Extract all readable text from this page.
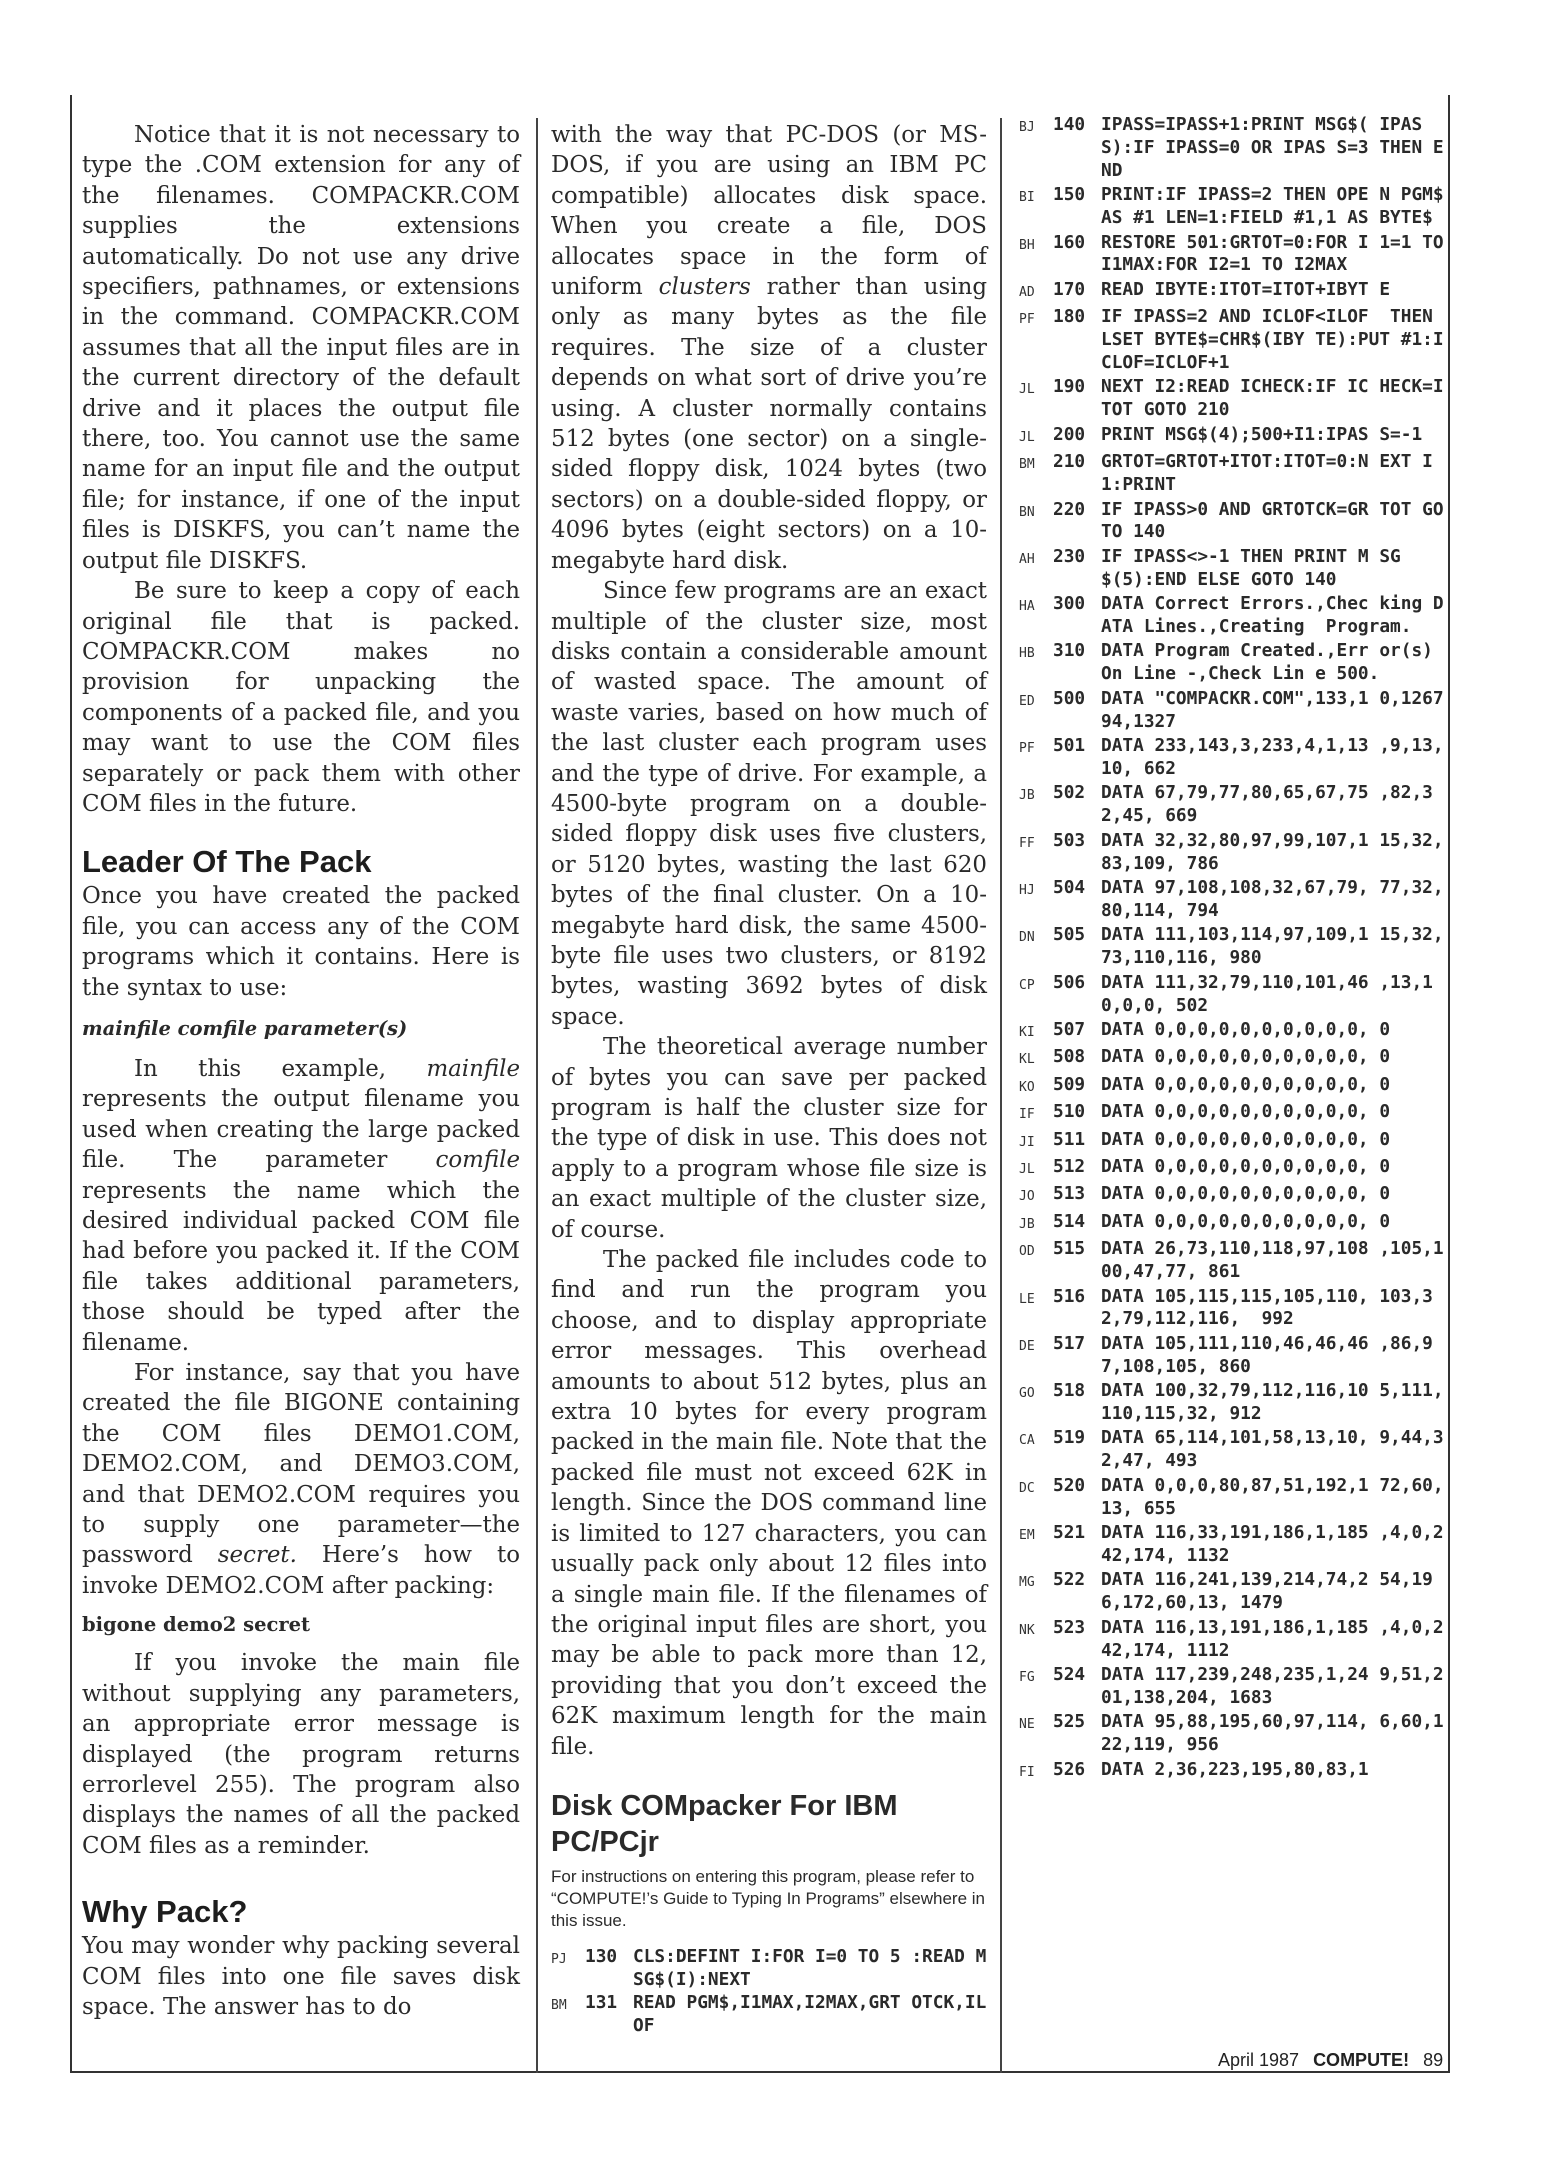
Notice that it is not necessary to type the .COM extension for any of the filenames. COMPACKR.COM supplies the extensions automatically. Do not use any drive specifiers, pathnames, or extensions in the command. COMPACKR.COM assumes that all the input files are in the current directory of the default drive and it places the output file there, too. You cannot use the same name for an input file and the output file; for instance, if one of the input files is DISKFS, you can’t name the output file DISKFS.

Be sure to keep a copy of each original file that is packed. COMPACKR.COM makes no provision for unpacking the components of a packed file, and you may want to use the COM files separately or pack them with other COM files in the future.

Leader Of The Pack

Once you have created the packed file, you can access any of the COM programs which it contains. Here is the syntax to use:

mainfile comfile parameter(s)

In this example, mainfile represents the output filename you used when creating the large packed file. The parameter comfile represents the name which the desired individual packed COM file had before you packed it. If the COM file takes additional parameters, those should be typed after the filename.

For instance, say that you have created the file BIGONE containing the COM files DEMO1.COM, DEMO2.COM, and DEMO3.COM, and that DEMO2.COM requires you to supply one parameter—the password secret. Here’s how to invoke DEMO2.COM after packing:

bigone demo2 secret

If you invoke the main file without supplying any parameters, an appropriate error message is displayed (the program returns errorlevel 255). The program also displays the names of all the packed COM files as a reminder.

Why Pack?

You may wonder why packing several COM files into one file saves disk space. The answer has to do

with the way that PC-DOS (or MS-DOS, if you are using an IBM PC compatible) allocates disk space. When you create a file, DOS allocates space in the form of uniform clusters rather than using only as many bytes as the file requires. The size of a cluster depends on what sort of drive you’re using. A cluster normally contains 512 bytes (one sector) on a single-sided floppy disk, 1024 bytes (two sectors) on a double-sided floppy, or 4096 bytes (eight sectors) on a 10-megabyte hard disk.

Since few programs are an exact multiple of the cluster size, most disks contain a considerable amount of wasted space. The amount of waste varies, based on how much of the last cluster each program uses and the type of drive. For example, a 4500-byte program on a double-sided floppy disk uses five clusters, or 5120 bytes, wasting the last 620 bytes of the final cluster. On a 10-megabyte hard disk, the same 4500-byte file uses two clusters, or 8192 bytes, wasting 3692 bytes of disk space.

The theoretical average number of bytes you can save per packed program is half the cluster size for the type of disk in use. This does not apply to a program whose file size is an exact multiple of the cluster size, of course.

The packed file includes code to find and run the program you choose, and to display appropriate error messages. This overhead amounts to about 512 bytes, plus an extra 10 bytes for every program packed in the main file. Note that the packed file must not exceed 62K in length. Since the DOS command line is limited to 127 characters, you can usually pack only about 12 files into a single main file. If the filenames of the original input files are short, you may be able to pack more than 12, providing that you don’t exceed the 62K maximum length for the main file.

Disk COMpacker For IBM PC/PCjr
For instructions on entering this program, please refer to “COMPUTE!’s Guide to Typing In Programs” elsewhere in this issue.
PJ	130 CLS:DEFINT I:FOR I=0 TO 5 :READ MSG$(I):NEXT
BM	131 READ PGM$,I1MAX,I2MAX,GRT OTCK,ILOF
BJ	140 IPASS=IPASS+1:PRINT MSG$( IPASS):IF IPASS=0 OR IPAS S=3 THEN END
BI	150 PRINT:IF IPASS=2 THEN OPE N PGM$ AS #1 LEN=1:FIELD #1,1 AS BYTE$
BH	160 RESTORE 501:GRTOT=0:FOR I 1=1 TO I1MAX:FOR I2=1 TO I2MAX
AD	170 READ IBYTE:ITOT=ITOT+IBYT E
PF	180 IF IPASS=2 AND ICLOF<ILOF  THEN LSET BYTE$=CHR$(IBY TE):PUT #1:ICLOF=ICLOF+1
JL	190 NEXT I2:READ ICHECK:IF IC HECK=ITOT GOTO 210
JL	200 PRINT MSG$(4);500+I1:IPAS S=-1
BM	210 GRTOT=GRTOT+ITOT:ITOT=0:N EXT I1:PRINT
BN	220 IF IPASS>0 AND GRTOTCK=GR TOT GOTO 140
AH	230 IF IPASS<>-1 THEN PRINT M SG$(5):END ELSE GOTO 140
HA	300 DATA Correct Errors.,Chec king DATA Lines.,Creating  Program.
HB	310 DATA Program Created.,Err or(s) On Line -,Check Lin e 500.
ED	500 DATA "COMPACKR.COM",133,1 0,126794,1327
PF	501 DATA 233,143,3,233,4,1,13 ,9,13,10, 662
JB	502 DATA 67,79,77,80,65,67,75 ,82,32,45, 669
FF	503 DATA 32,32,80,97,99,107,1 15,32,83,109, 786
HJ	504 DATA 97,108,108,32,67,79, 77,32,80,114, 794
DN	505 DATA 111,103,114,97,109,1 15,32,73,110,116, 980
CP	506 DATA 111,32,79,110,101,46 ,13,10,0,0, 502
KI	507 DATA 0,0,0,0,0,0,0,0,0,0, 0
KL	508 DATA 0,0,0,0,0,0,0,0,0,0, 0
KO	509 DATA 0,0,0,0,0,0,0,0,0,0, 0
IF	510 DATA 0,0,0,0,0,0,0,0,0,0, 0
JI	511 DATA 0,0,0,0,0,0,0,0,0,0, 0
JL	512 DATA 0,0,0,0,0,0,0,0,0,0, 0
JO	513 DATA 0,0,0,0,0,0,0,0,0,0, 0
JB	514 DATA 0,0,0,0,0,0,0,0,0,0, 0
OD	515 DATA 26,73,110,118,97,108 ,105,100,47,77, 861
LE	516 DATA 105,115,115,105,110, 103,32,79,112,116,  992
DE	517 DATA 105,111,110,46,46,46 ,86,97,108,105, 860
GO	518 DATA 100,32,79,112,116,10 5,111,110,115,32, 912
CA	519 DATA 65,114,101,58,13,10, 9,44,32,47, 493
DC	520 DATA 0,0,0,80,87,51,192,1 72,60,13, 655
EM	521 DATA 116,33,191,186,1,185 ,4,0,242,174, 1132
MG	522 DATA 116,241,139,214,74,2 54,196,172,60,13, 1479
NK	523 DATA 116,13,191,186,1,185 ,4,0,242,174, 1112
FG	524 DATA 117,239,248,235,1,24 9,51,201,138,204, 1683
NE	525 DATA 95,88,195,60,97,114, 6,60,122,119, 956
FI	526 DATA 2,36,223,195,80,83,1
April 1987 COMPUTE! 89
